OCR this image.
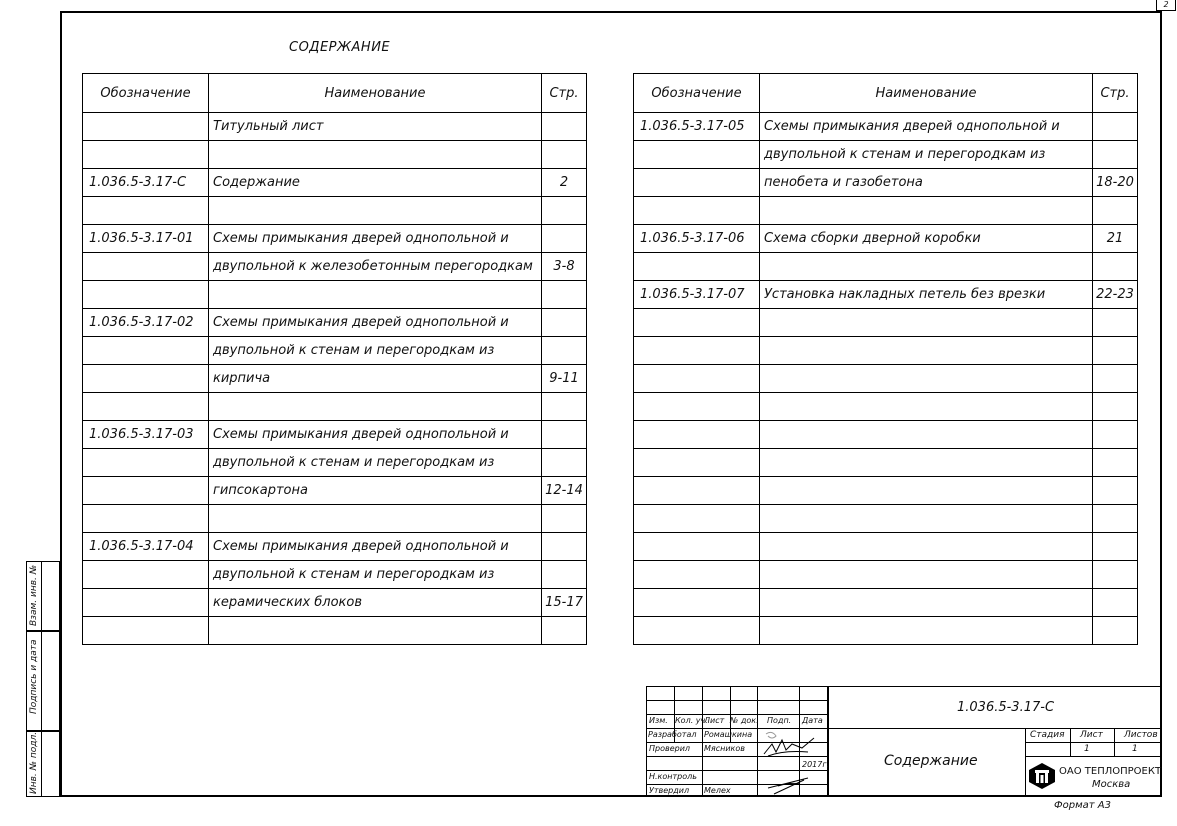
2
СОДЕРЖАНИЕ
Обозначение	Наименование	Стр.
	Титульный лист	

1.036.5-3.17-С	Содержание	2

1.036.5-3.17-01	Схемы примыкания дверей однопольной и	
	двупольной к железобетонным перегородкам	3-8

1.036.5-3.17-02	Схемы примыкания дверей однопольной и	
	двупольной к стенам и перегородкам из	
	кирпича	9-11

1.036.5-3.17-03	Схемы примыкания дверей однопольной и	
	двупольной к стенам и перегородкам из	
	гипсокартона	12-14

1.036.5-3.17-04	Схемы примыкания дверей однопольной и	
	двупольной к стенам и перегородкам из	
	керамических блоков	15-17

Обозначение	Наименование	Стр.
1.036.5-3.17-05	Схемы примыкания дверей однопольной и	
	двупольной к стенам и перегородкам из	
	пенобета и газобетона	18-20

1.036.5-3.17-06	Схема сборки дверной коробки	21

1.036.5-3.17-07	Установка накладных петель без врезки	22-23

Взам. инв. №
Подпись и дата
Инв. № подл.
Изм. Кол. уч.
Лист № док. Подп. Дата
Разработал Ромашкина
Проверил Мясников
2017г.
Н.контроль
Утвердил Мелех
1.036.5-3.17-С
Содержание
Стадия Лист Листов
1	1
ОАО ТЕПЛОПРОЕКТ
Москва
Формат А3
